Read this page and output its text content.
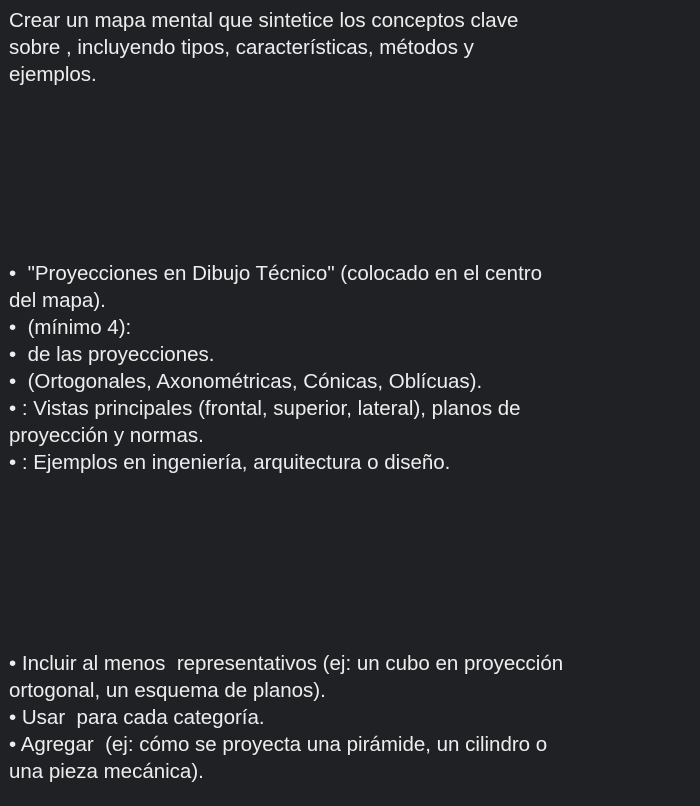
Crear un mapa mental que sintetice los conceptos clave
sobre , incluyendo tipos, características, métodos y
ejemplos.
•  "Proyecciones en Dibujo Técnico" (colocado en el centro
del mapa).
•  (mínimo 4):
•  de las proyecciones.
•  (Ortogonales, Axonométricas, Cónicas, Oblícuas).
• : Vistas principales (frontal, superior, lateral), planos de
proyección y normas.
• : Ejemplos en ingeniería, arquitectura o diseño.
• Incluir al menos  representativos (ej: un cubo en proyección
ortogonal, un esquema de planos).
• Usar  para cada categoría.
• Agregar  (ej: cómo se proyecta una pirámide, un cilindro o
una pieza mecánica).
